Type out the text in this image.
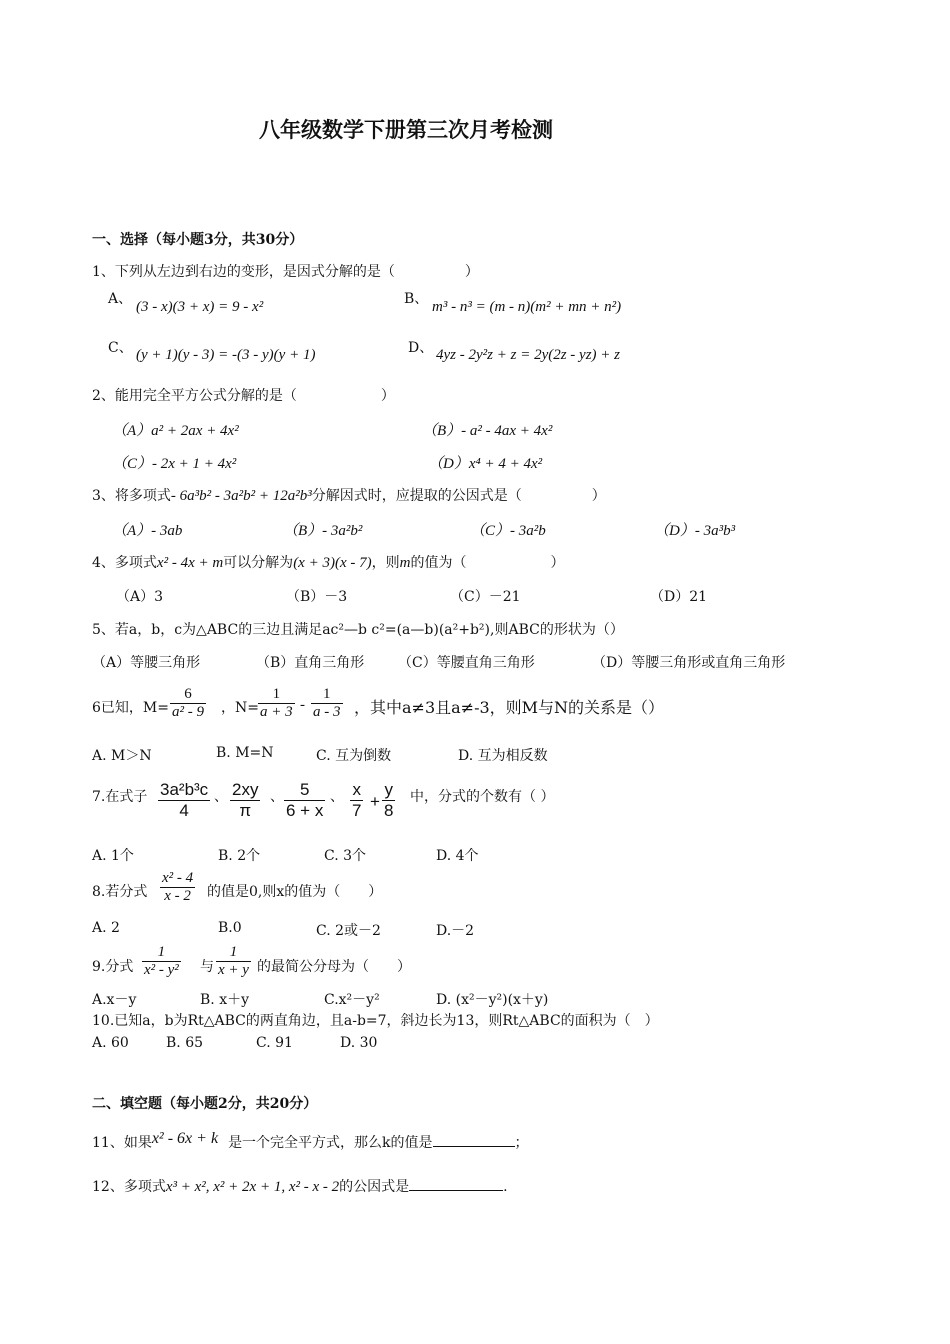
八年级数学下册第三次月考检测
一、选择（每小题3分，共30分）
1、下列从左边到右边的变形，是因式分解的是（　　　　　）
A、 (3 - x)(3 + x) = 9 - x²	B、 m³ - n³ = (m - n)(m² + mn + n²)
C、 (y + 1)(y - 3) = -(3 - y)(y + 1)	D、 4yz - 2y²z + z = 2y(2z - yz) + z
2、能用完全平方公式分解的是（　　　　　　）
（A）a² + 2ax + 4x²	（B）- a² - 4ax + 4x²
（C）- 2x + 1 + 4x²	（D）x⁴ + 4 + 4x²
3、将多项式- 6a³b² - 3a²b² + 12a²b³分解因式时，应提取的公因式是（　　　　　）
（A）- 3ab	（B）- 3a²b²	（C）- 3a²b	（D）- 3a³b³
4、多项式x² - 4x + m可以分解为(x + 3)(x - 7)，则m的值为（　　　　　　）
（A）3	（B）－3	（C）－21	（D）21
5、若a，b，c为△ABC的三边且满足ac²—b c²=(a—b)(a²+b²),则ABC的形状为（）
（A）等腰三角形	（B）直角三角形 （C）等腰直角三角形	（D）等腰三角形或直角三角形
6已知，$M= \frac{6}{\text{a² - 9}}$ ，$N= \frac{1}{a + 3} - \frac{1}{a - 3}$ ，其中a≠3且a≠-3，则M与N的关系是（）
A. M＞N	B. M=N	C. 互为倒数	D. 互为相反数
7.在式子 $\frac{\text{3a²b³c}}{4}$ 、 $\frac{2xy}{\pi}$ 、 $\frac{5}{6 + x}$ 、 $\frac{x}{7} + \frac{y}{8}$ 中，分式的个数有（ ）
A. 1个	B. 2个	C. 3个	D. 4个
8.若分式 $\frac{\text{x² - 4}}{x - 2}$ 的值是0,则x的值为（　　）
A. 2	B.0	C. 2或－2	D.－2
9.分式 $\frac{1}{\text{x² - y²}}$ 与 $\frac{1}{x + y}$ 的最简公分母为（　　）
A.x－y	B. x＋y	C.x²－y²	D. (x²－y²)(x＋y)
10.已知a，b为Rt△ABC的两直角边，且a-b=7，斜边长为13，则Rt△ABC的面积为（　）
A. 60	B. 65	C. 91	D. 30
二、填空题（每小题2分，共20分）
11、如果x² - 6x + k 是一个完全平方式，那么k的值是	；
12、多项式x³ + x², x² + 2x + 1, x² - x - 2的公因式是	.
